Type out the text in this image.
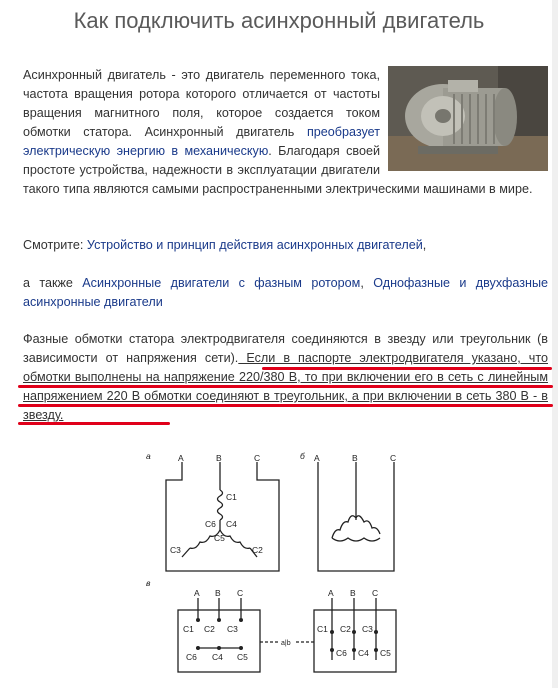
Как подключить асинхронный двигатель
Асинхронный двигатель - это двигатель переменного тока, частота вращения ротора которого отличается от частоты вращения магнитного поля, которое создается током обмотки статора. Асинхронный двигатель преобразует электрическую энергию в механическую. Благодаря своей простоте устройства, надежности в эксплуатации двигатели такого типа являются самыми распространенными электрическими машинами в мире.
Смотрите: Устройство и принцип действия асинхронных двигателей,
а также Асинхронные двигатели с фазным ротором, Однофазные и двухфазные асинхронные двигатели
Фазные обмотки статора электродвигателя соединяются в звезду или треугольник (в зависимости от напряжения сети). Если в паспорте электродвигателя указано, что обмотки выполнены на напряжение 220/380 В, то при включении его в сеть с линейным напряжением 220 В обмотки соединяют в треугольник, а при включении в сеть 380 В - в звезду.
а	A	B	C
C1
C6 C4
C5
C3	C2
б A	B	C
в
A B C
C1 C2 C3
C6 C4 C5
a|b
A B C
C1 C2 C3
C6 C4 C5
